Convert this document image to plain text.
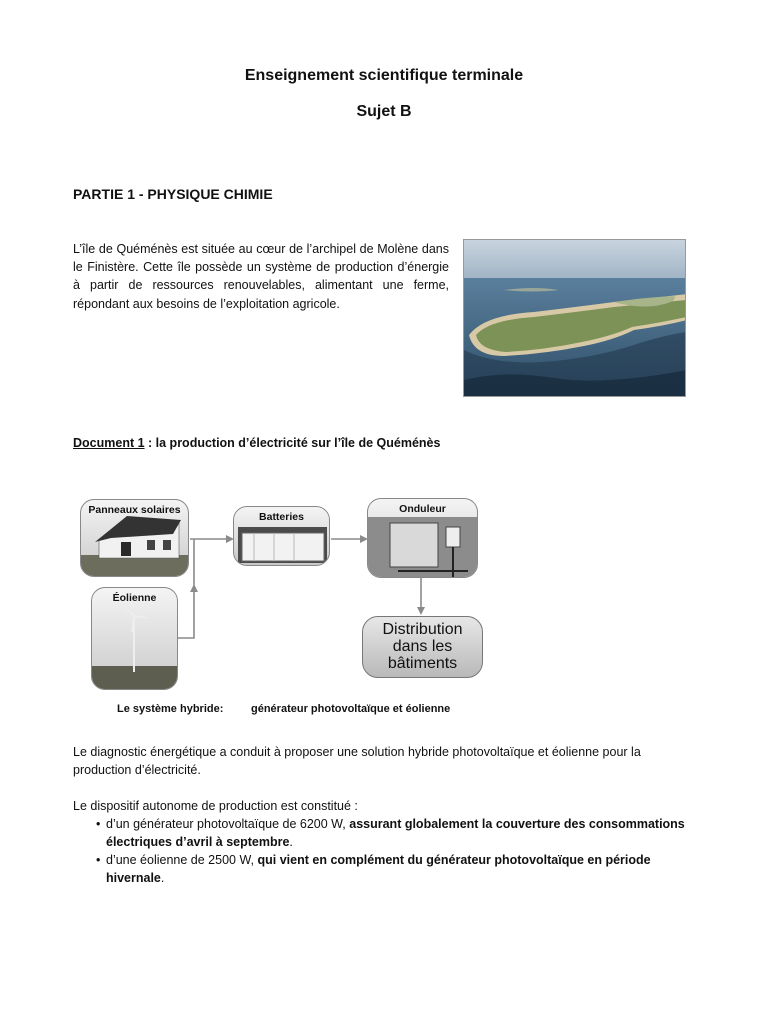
Enseignement scientifique terminale
Sujet B
PARTIE 1 - PHYSIQUE CHIMIE

L’île de Quéménès est située au cœur de l’archipel de Molène dans le Finistère. Cette île possède un système de production d’énergie à partir de ressources renouvelables, alimentant une ferme, répondant aux besoins de l’exploitation agricole.

Document 1 : la production d’électricité sur l’île de Quéménès
Panneaux solaires
Batteries
Onduleur
Éolienne
Distribution
dans les
bâtiments
Le système hybride:	générateur photovoltaïque et éolienne

Le diagnostic énergétique a conduit à proposer une solution hybride photovoltaïque et éolienne pour la production d’électricité.

Le dispositif autonome de production est constitué :

• d’un générateur photovoltaïque de 6200 W, assurant globalement la couverture des consommations électriques d’avril à septembre.
• d’une éolienne de 2500 W, qui vient en complément du générateur photovoltaïque en période hivernale.
